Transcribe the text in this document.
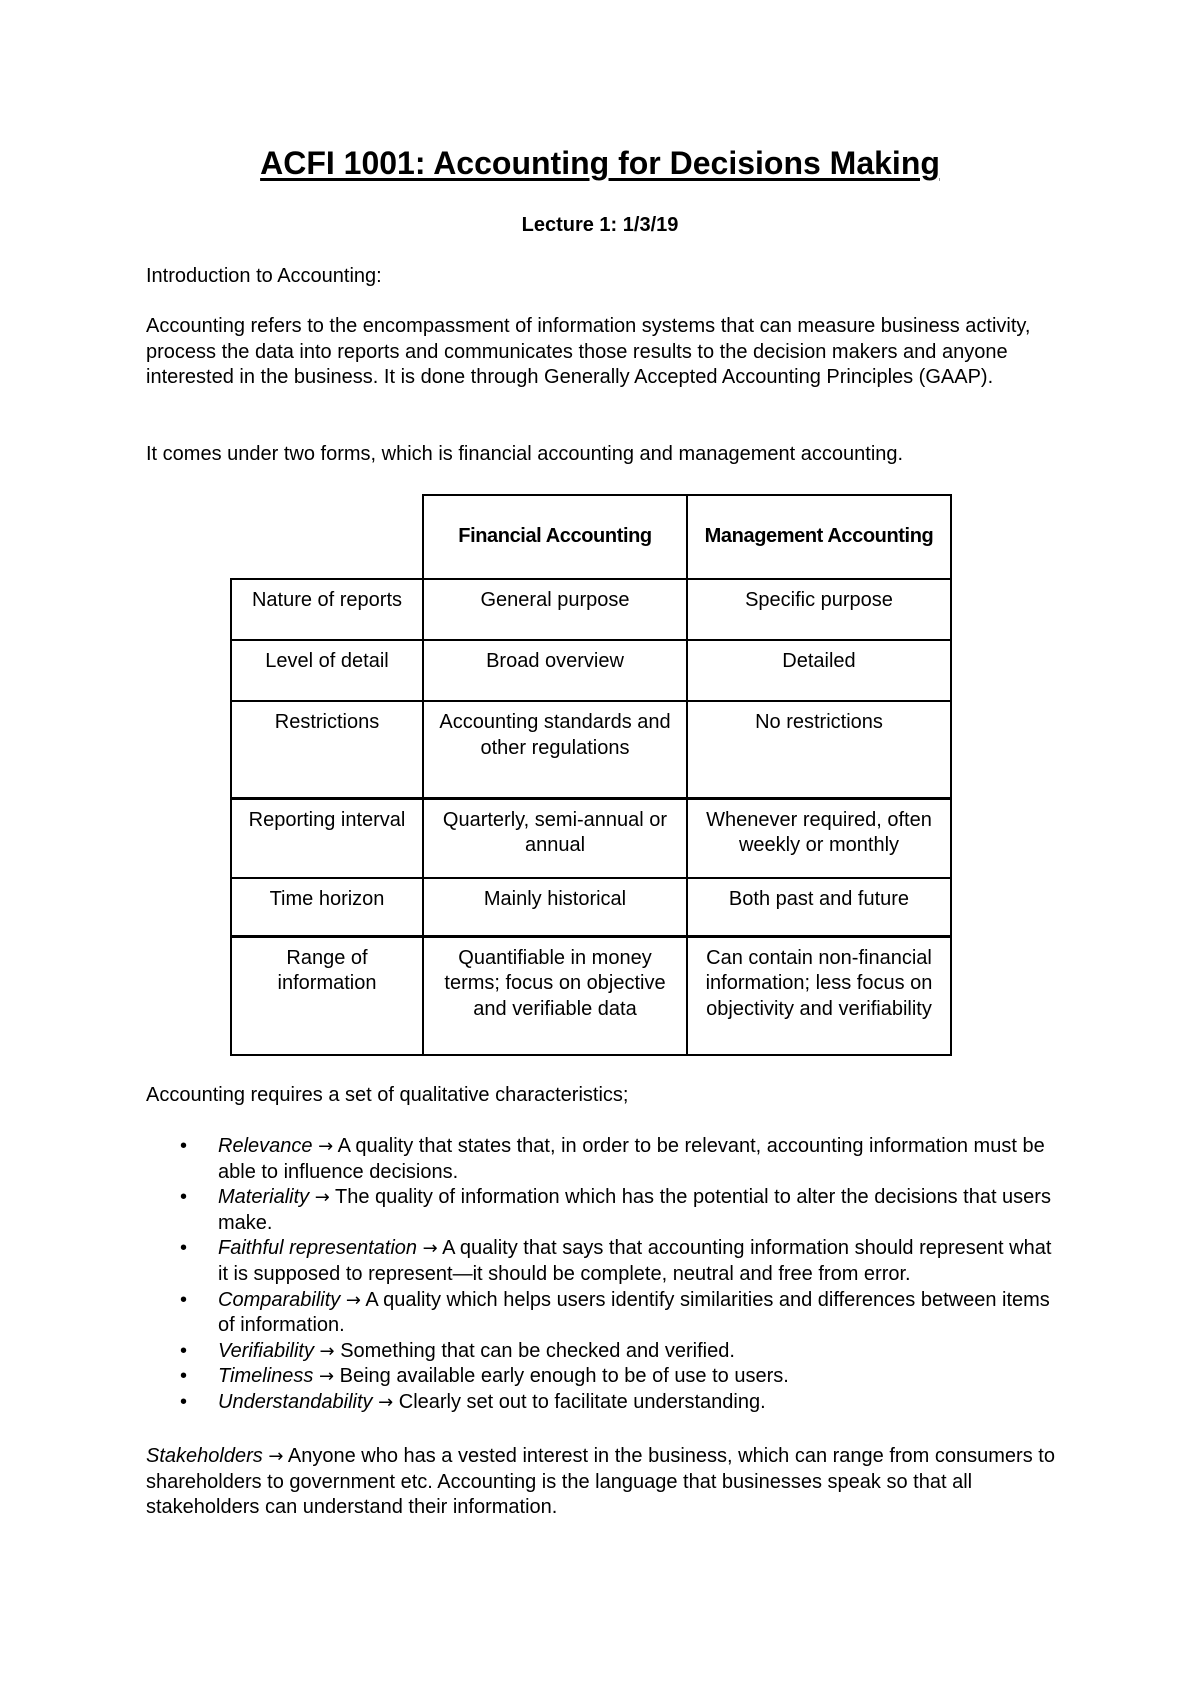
ACFI 1001: Accounting for Decisions Making
Lecture 1: 1/3/19

Introduction to Accounting:

Accounting refers to the encompassment of information systems that can measure business activity, process the data into reports and communicates those results to the decision makers and anyone interested in the business. It is done through Generally Accepted Accounting Principles (GAAP).

It comes under two forms, which is financial accounting and management accounting.

	Financial Accounting	Management Accounting
Nature of reports	General purpose	Specific purpose
Level of detail	Broad overview	Detailed
Restrictions	Accounting standards and other regulations	No restrictions
Reporting interval	Quarterly, semi-annual or annual	Whenever required, often weekly or monthly
Time horizon	Mainly historical	Both past and future
Range of information	Quantifiable in money terms; focus on objective and verifiable data	Can contain non-financial information; less focus on objectivity and verifiability

Accounting requires a set of qualitative characteristics;

• Relevance → A quality that states that, in order to be relevant, accounting information must be able to influence decisions.
• Materiality → The quality of information which has the potential to alter the decisions that users make.
• Faithful representation → A quality that says that accounting information should represent what it is supposed to represent—it should be complete, neutral and free from error.
• Comparability → A quality which helps users identify similarities and differences between items of information.
• Verifiability → Something that can be checked and verified.
• Timeliness → Being available early enough to be of use to users.
• Understandability → Clearly set out to facilitate understanding.

Stakeholders → Anyone who has a vested interest in the business, which can range from consumers to shareholders to government etc. Accounting is the language that businesses speak so that all stakeholders can understand their information.
